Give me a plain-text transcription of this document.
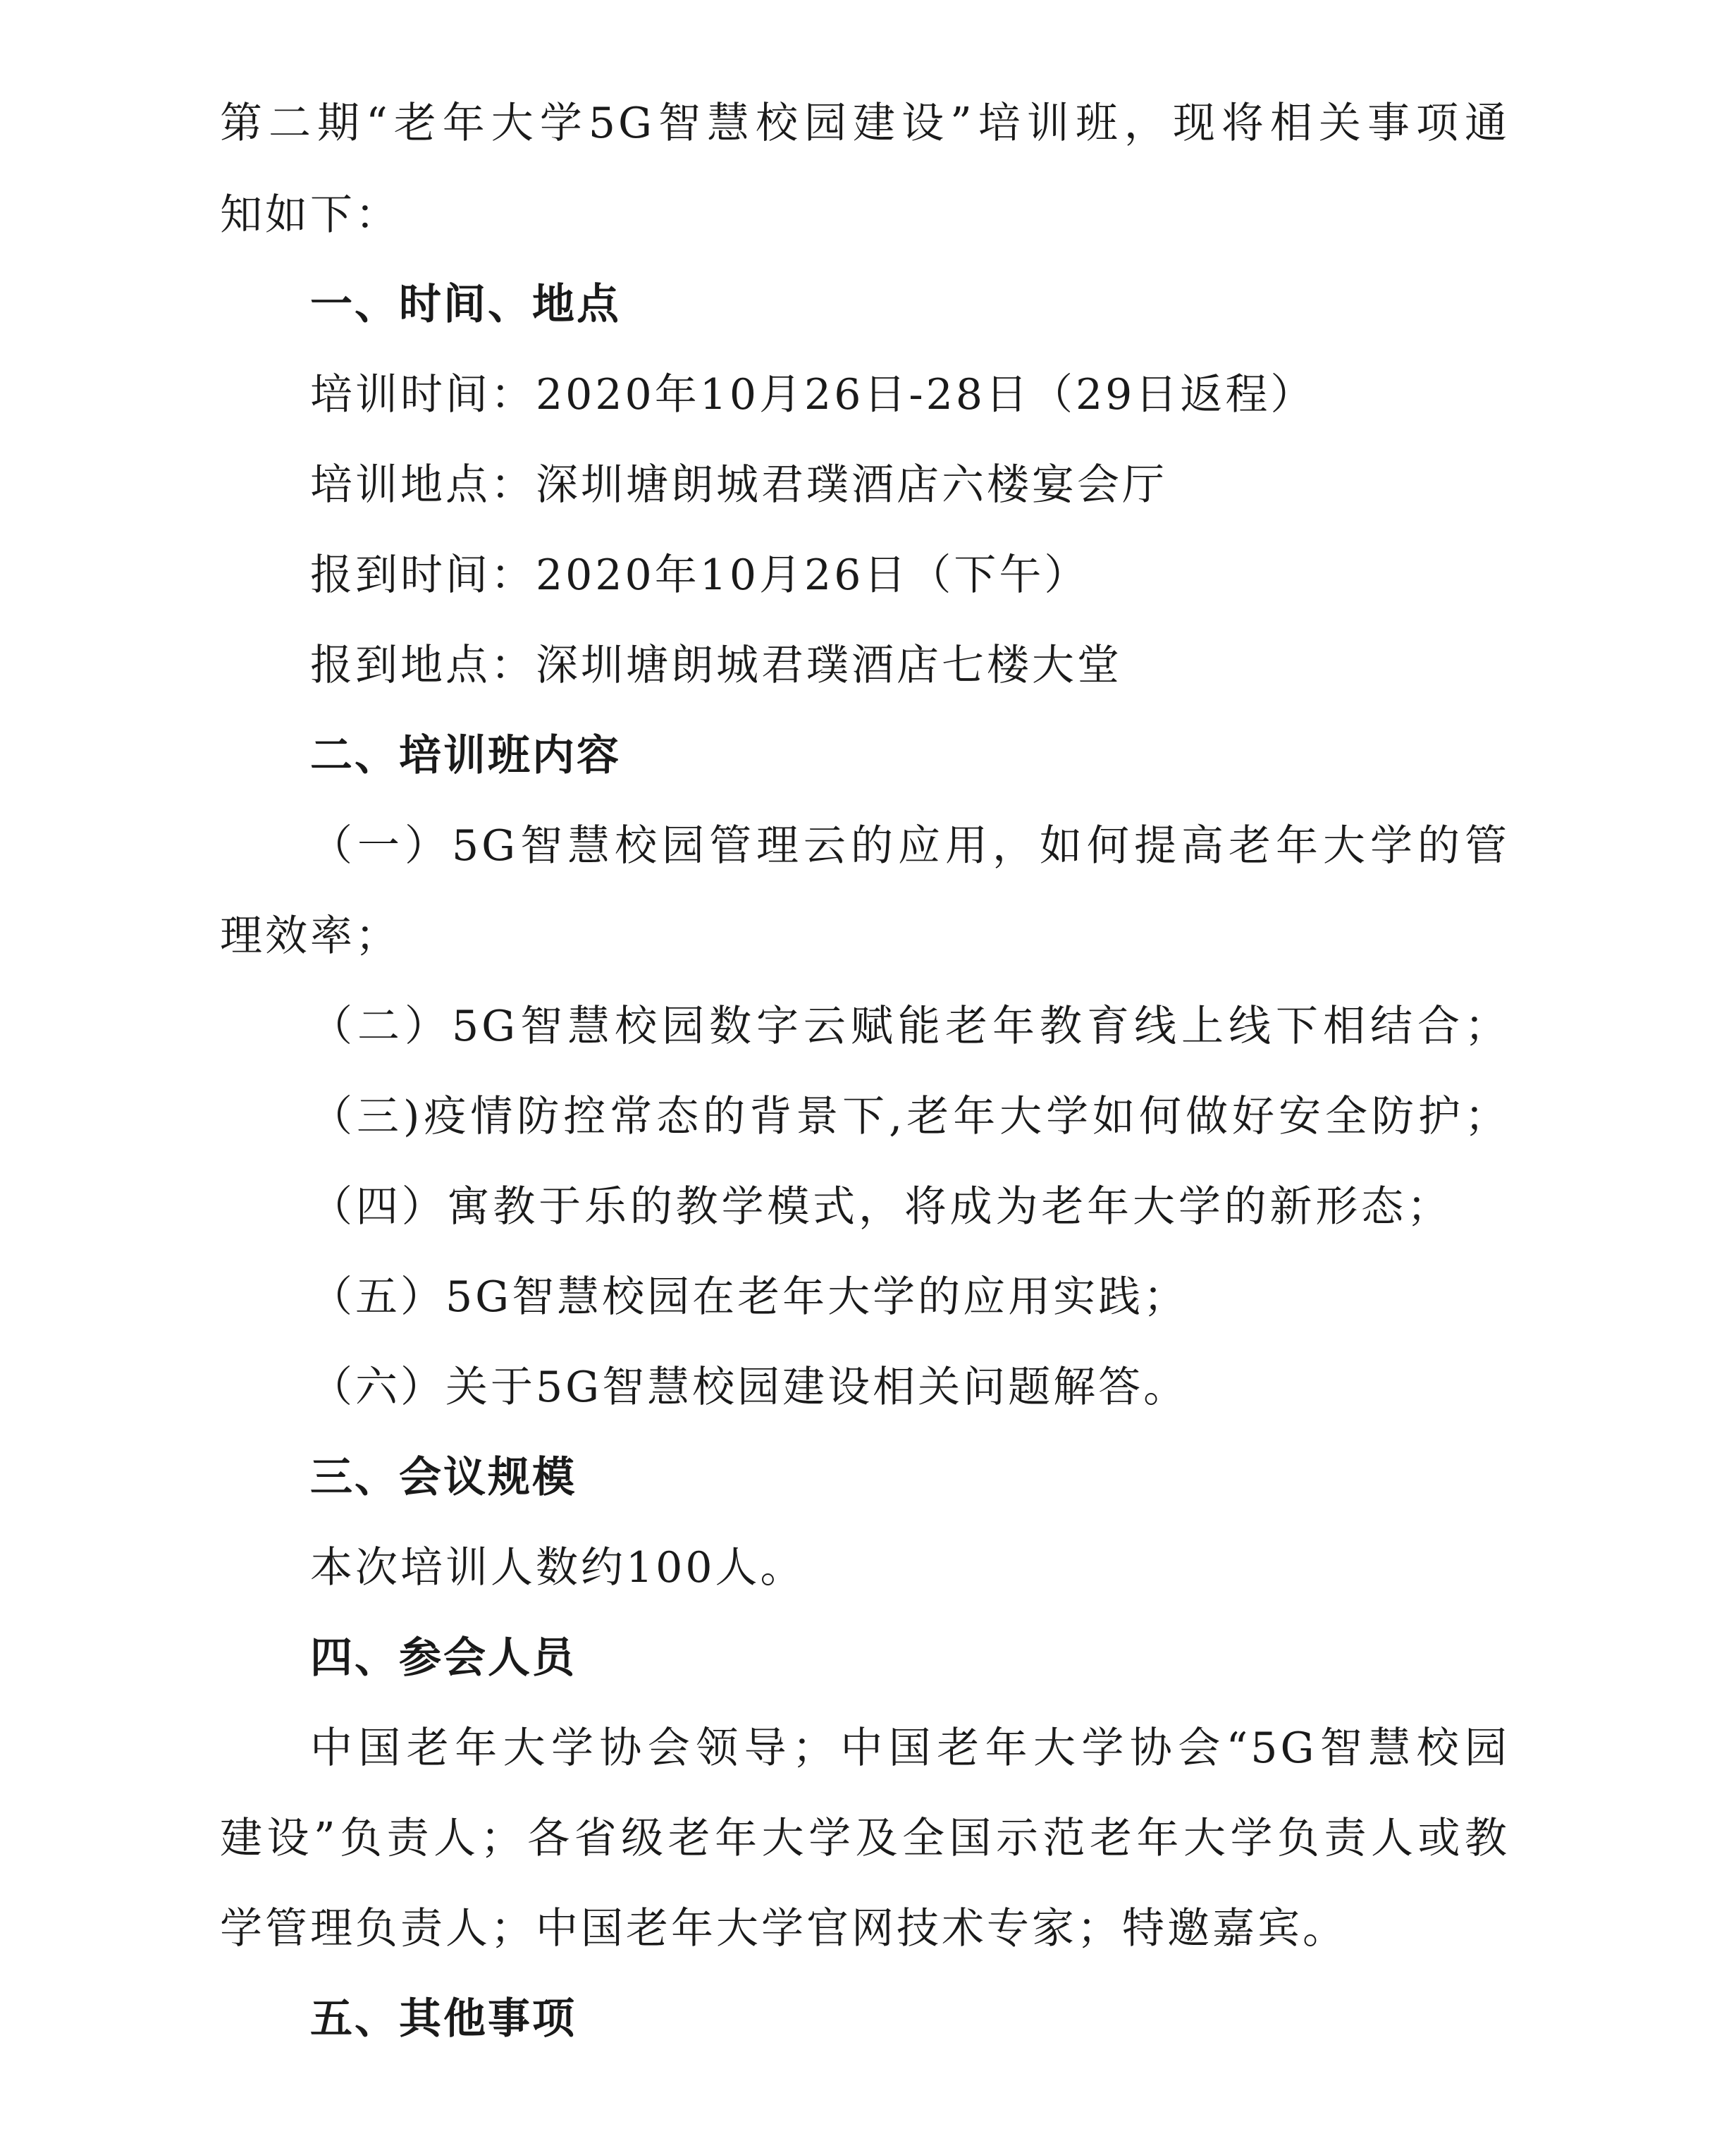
第二期“老年大学5G智慧校园建设”培训班，现将相关事项通
知如下：
一、时间、地点
培训时间：2020年10月26日-28日（29日返程）
培训地点：深圳塘朗城君璞酒店六楼宴会厅
报到时间：2020年10月26日（下午）
报到地点：深圳塘朗城君璞酒店七楼大堂
二、培训班内容
（一）5G智慧校园管理云的应用，如何提高老年大学的管
理效率；
（二）5G智慧校园数字云赋能老年教育线上线下相结合；
（三)疫情防控常态的背景下,老年大学如何做好安全防护；
（四）寓教于乐的教学模式，将成为老年大学的新形态；
（五）5G智慧校园在老年大学的应用实践；
（六）关于5G智慧校园建设相关问题解答。
三、会议规模
本次培训人数约100人。
四、参会人员
中国老年大学协会领导；中国老年大学协会“5G智慧校园
建设”负责人；各省级老年大学及全国示范老年大学负责人或教
学管理负责人；中国老年大学官网技术专家；特邀嘉宾。
五、其他事项
